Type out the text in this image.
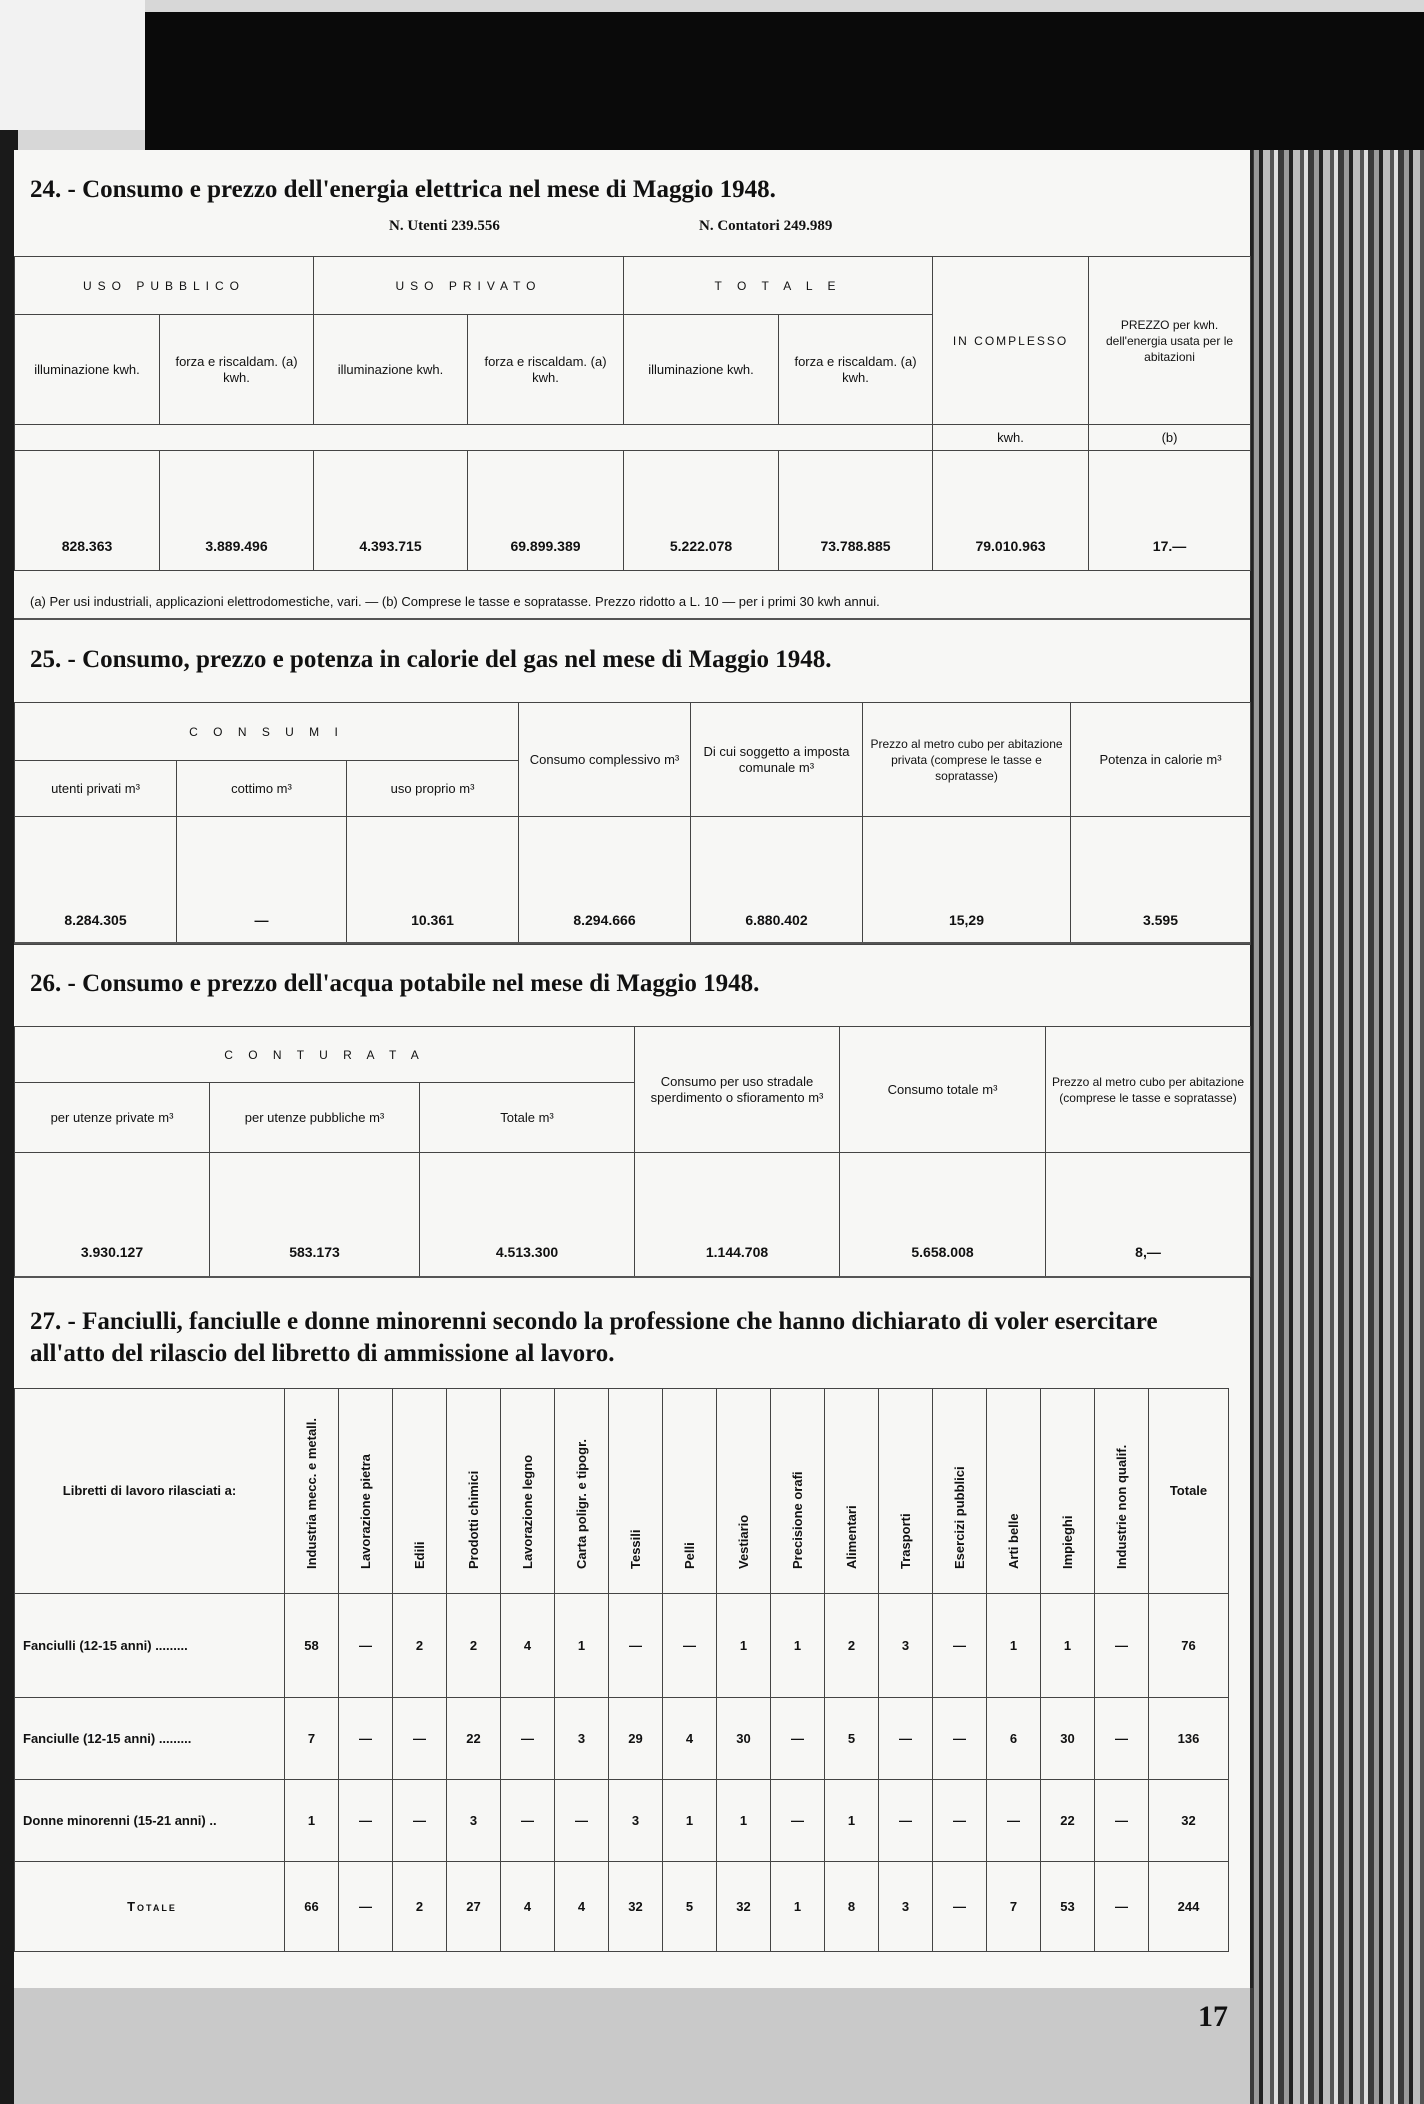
24. - Consumo e prezzo dell'energia elettrica nel mese di Maggio 1948.
N. Utenti 239.556	N. Contatori 249.989
USO PUBBLICO		USO PRIVATO		T O T A L E		IN COMPLESSO	PREZZO per kwh. dell'energia usata per le abitazioni
illuminazione kwh.	forza e riscaldam. (a) kwh.	illuminazione kwh.	forza e riscaldam. (a) kwh.	illuminazione kwh.	forza e riscaldam. (a) kwh.		
						kwh.	(b)
828.363	3.889.496	4.393.715	69.899.389	5.222.078	73.788.885	79.010.963	17.—
(a) Per usi industriali, applicazioni elettrodomestiche, vari. — (b) Comprese le tasse e sopratasse. Prezzo ridotto a L. 10 — per i primi 30 kwh annui.
25. - Consumo, prezzo e potenza in calorie del gas nel mese di Maggio 1948.
C O N S U M I			Consumo complessivo m³	Di cui soggetto a imposta comunale m³	Prezzo al metro cubo per abitazione privata (comprese le tasse e sopratasse)	Potenza in calorie m³
utenti privati m³	cottimo m³	uso proprio m³				
8.284.305	—	10.361	8.294.666	6.880.402	15,29	3.595
26. - Consumo e prezzo dell'acqua potabile nel mese di Maggio 1948.
C O N T U R A T A			Consumo per uso stradale sperdimento o sfioramento m³	Consumo totale m³	Prezzo al metro cubo per abitazione (comprese le tasse e sopratasse)
per utenze private m³	per utenze pubbliche m³	Totale m³			
3.930.127	583.173	4.513.300	1.144.708	5.658.008	8,—
27. - Fanciulli, fanciulle e donne minorenni secondo la professione che hanno dichiarato di voler esercitare all'atto del rilascio del libretto di ammissione al lavoro.
Libretti di lavoro rilasciati a:	Industria mecc. e metall.	Lavorazione pietra	Edili	Prodotti chimici	Lavorazione legno	Carta poligr. e tipogr.	Tessili	Pelli	Vestiario	Precisione orafi	Alimentari	Trasporti	Esercizi pubblici	Arti belle	Impieghi	Industrie non qualif.	Totale
Fanciulli (12-15 anni) .........	58	—	2	2	4	1	—	—	1	1	2	3	—	1	1	—	76
Fanciulle (12-15 anni) .........	7	—	—	22	—	3	29	4	30	—	5	—	—	6	30	—	136
Donne minorenni (15-21 anni) ..	1	—	—	3	—	—	3	1	1	—	1	—	—	—	22	—	32
Totale	66	—	2	27	4	4	32	5	32	1	8	3	—	7	53	—	244
17
